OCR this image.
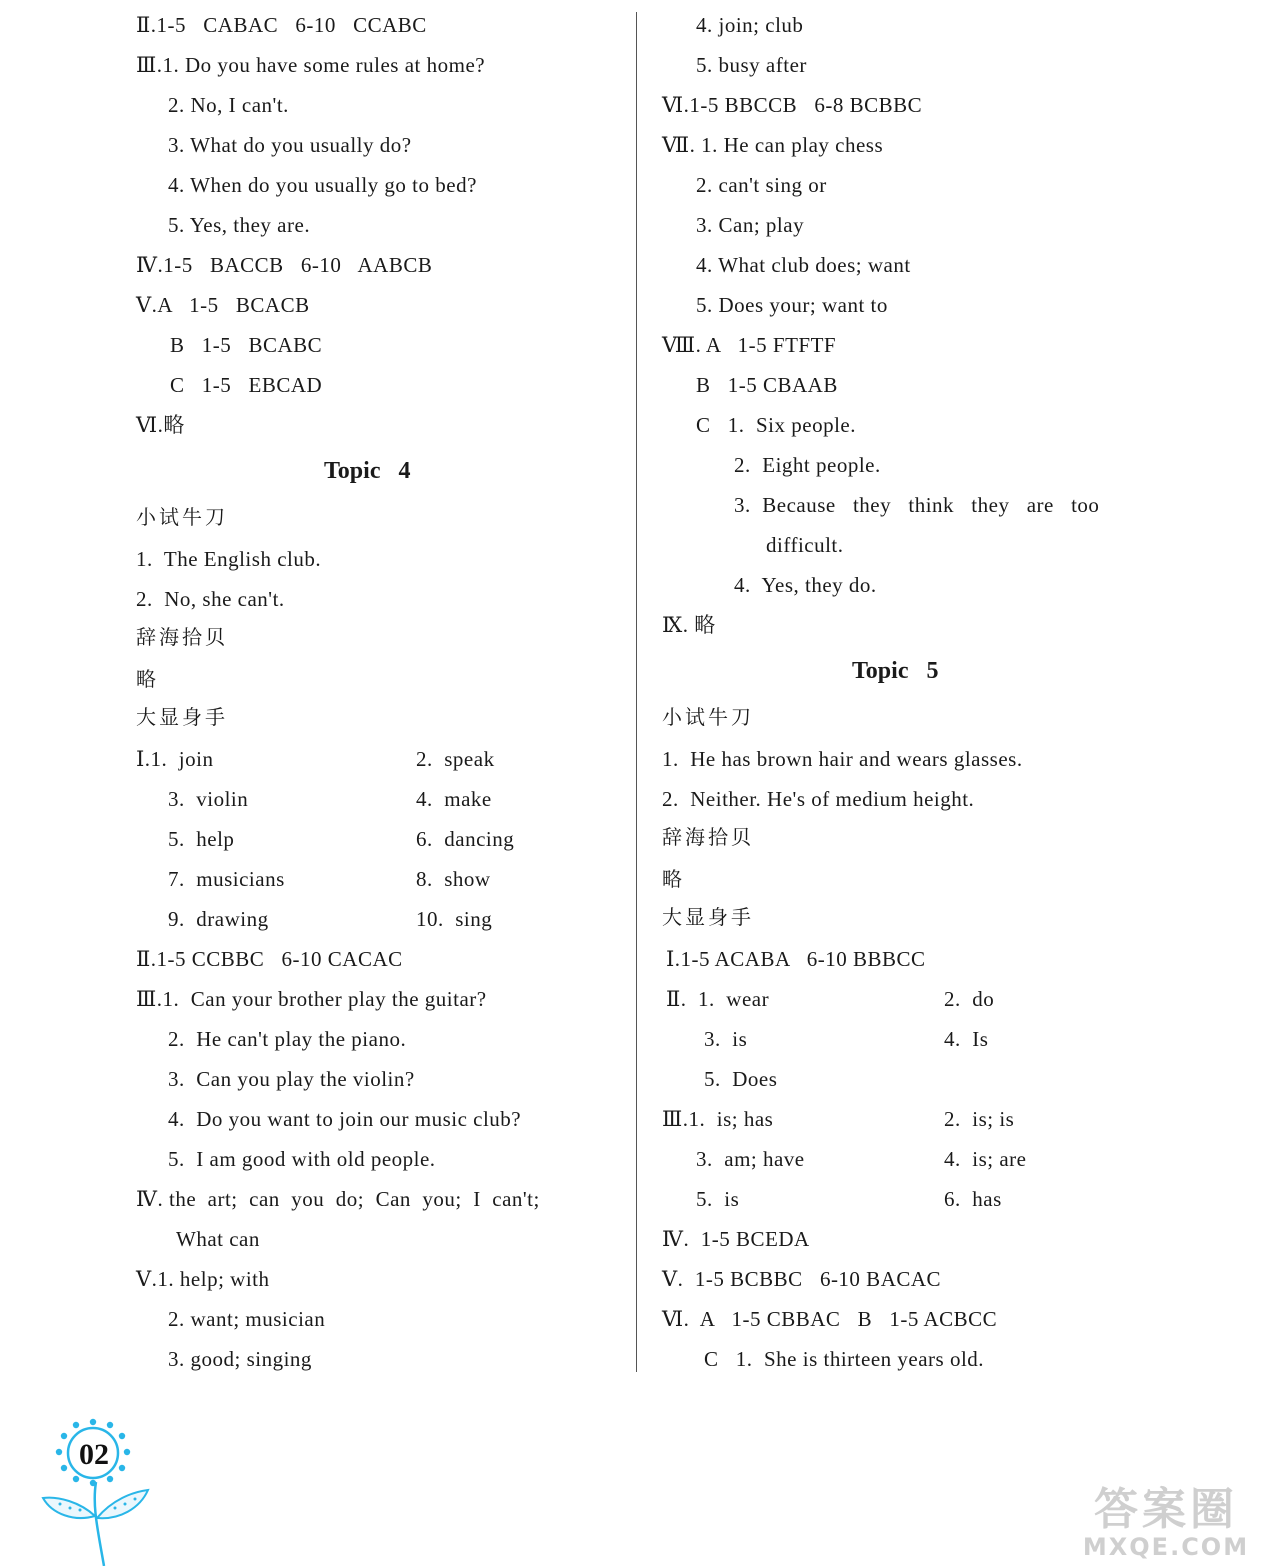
Ⅱ.1-5   CABAC   6-10   CCABC
Ⅲ.1. Do you have some rules at home?
2. No, I can't.
3. What do you usually do?
4. When do you usually go to bed?
5. Yes, they are.
Ⅳ.1-5   BACCB   6-10   AABCB
Ⅴ.A   1-5   BCACB
B   1-5   BCABC
C   1-5   EBCAD
Ⅵ.略
Topic   4
小试牛刀
1.  The English club.
2.  No, she can't.
辞海拾贝
略
大显身手
Ⅰ.1.  join	2.  speak
3.  violin	4.  make
5.  help	6.  dancing
7.  musicians	8.  show
9.  drawing	10.  sing
Ⅱ.1-5 CCBBC   6-10 CACAC
Ⅲ.1.  Can your brother play the guitar?
2.  He can't play the piano.
3.  Can you play the violin?
4.  Do you want to join our music club?
5.  I am good with old people.
Ⅳ. the  art;  can  you  do;  Can  you;  I  can't;
What can
Ⅴ.1. help; with
2. want; musician
3. good; singing
4. join; club
5. busy after
Ⅵ.1-5 BBCCB   6-8 BCBBC
Ⅶ. 1. He can play chess
2. can't sing or
3. Can; play
4. What club does; want
5. Does your; want to
Ⅷ. A   1-5 FTFTF
B   1-5 CBAAB
C   1.  Six people.
2.  Eight people.
3.  Because   they   think   they   are   too
difficult.
4.  Yes, they do.
Ⅸ. 略
Topic   5
小试牛刀
1.  He has brown hair and wears glasses.
2.  Neither. He's of medium height.
辞海拾贝
略
大显身手
Ⅰ.1-5 ACABA   6-10 BBBCC
Ⅱ.  1.  wear	2.  do
3.  is	4.  Is
5.  Does
Ⅲ.1.  is; has	2.  is; is
3.  am; have	4.  is; are
5.  is	6.  has
Ⅳ.  1-5 BCEDA
Ⅴ.  1-5 BCBBC   6-10 BACAC
Ⅵ.  A   1-5 CBBAC   B   1-5 ACBCC
C   1.  She is thirteen years old.
02
答案圈
MXQE.COM
